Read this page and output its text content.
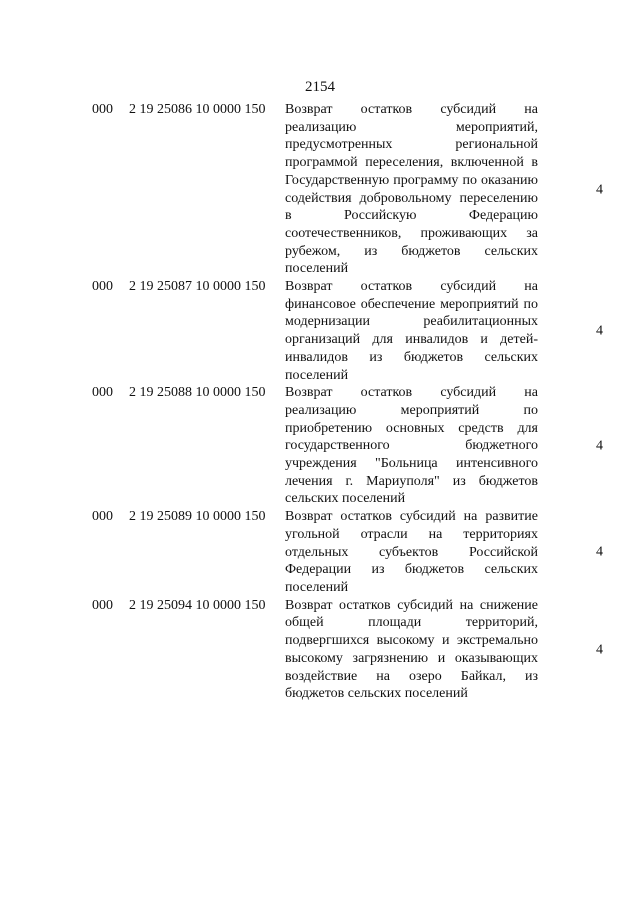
2154
000 2 19 25086 10 0000 150 Возврат остатков субсидий на реализацию мероприятий, предусмотренных региональной программой переселения, включенной в Государственную программу по оказанию содействия добровольному переселению в Российскую Федерацию соотечественников, проживающих за рубежом, из бюджетов сельских поселений
4
000 2 19 25087 10 0000 150 Возврат остатков субсидий на финансовое обеспечение мероприятий по модернизации реабилитационных организаций для инвалидов и детей-инвалидов из бюджетов сельских поселений
4
000 2 19 25088 10 0000 150 Возврат остатков субсидий на реализацию мероприятий по приобретению основных средств для государственного бюджетного учреждения "Больница интенсивного лечения г. Мариуполя" из бюджетов сельских поселений
4
000 2 19 25089 10 0000 150 Возврат остатков субсидий на развитие угольной отрасли на территориях отдельных субъектов Российской Федерации из бюджетов сельских поселений
4
000 2 19 25094 10 0000 150 Возврат остатков субсидий на снижение общей площади территорий, подвергшихся высокому и экстремально высокому загрязнению и оказывающих воздействие на озеро Байкал, из бюджетов сельских поселений
4
